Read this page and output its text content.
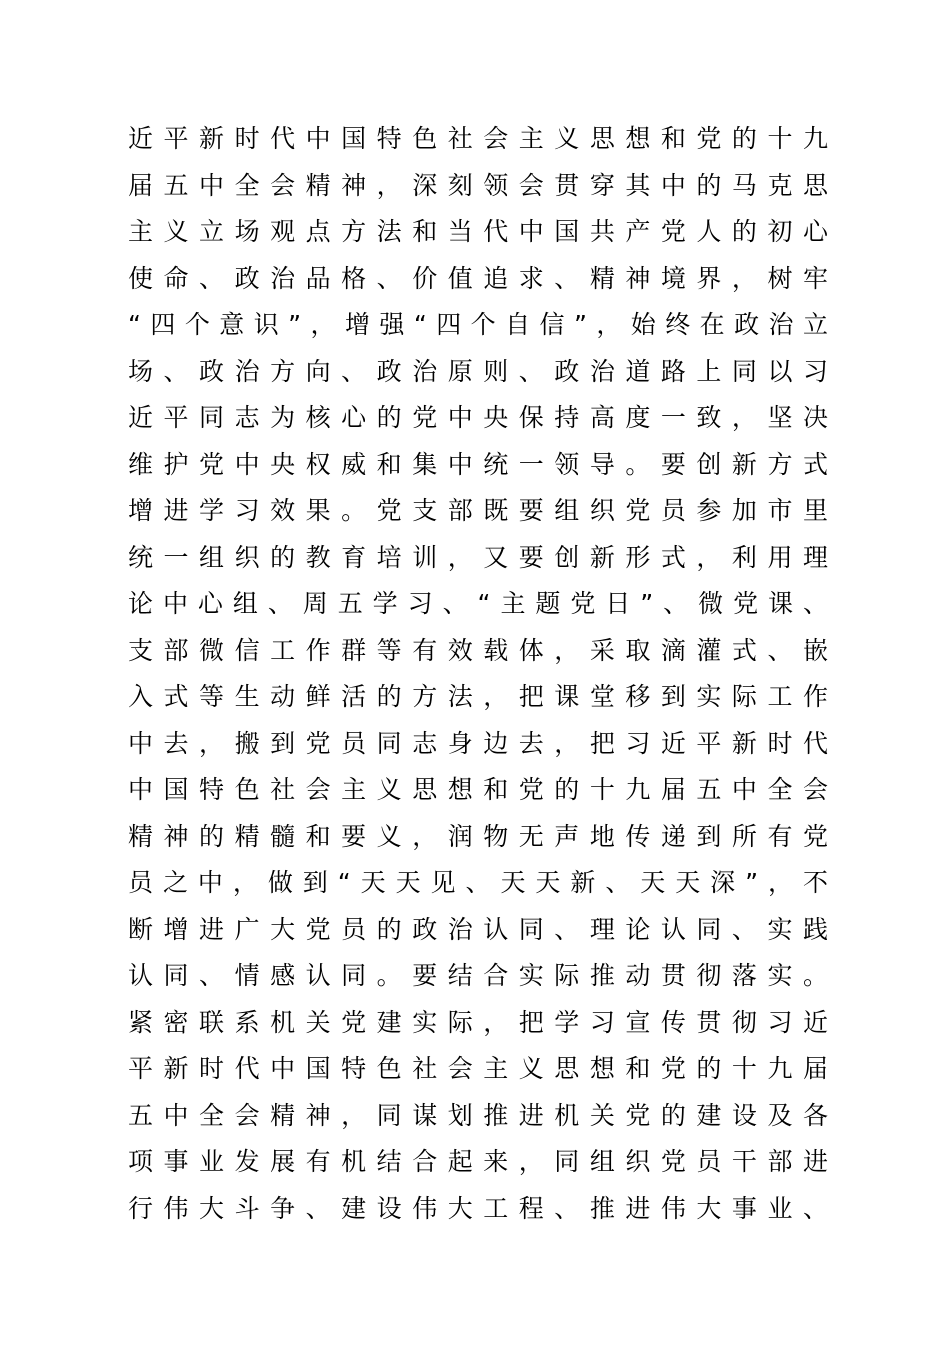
近平新时代中国特色社会主义思想和党的十九
届五中全会精神，深刻领会贯穿其中的马克思
主义立场观点方法和当代中国共产党人的初心
使命、政治品格、价值追求、精神境界，树牢
“四个意识”，增强“四个自信”，始终在政治立
场、政治方向、政治原则、政治道路上同以习
近平同志为核心的党中央保持高度一致，坚决
维护党中央权威和集中统一领导。要创新方式
增进学习效果。党支部既要组织党员参加市里
统一组织的教育培训，又要创新形式，利用理
论中心组、周五学习、“主题党日”、微党课、
支部微信工作群等有效载体，采取滴灌式、嵌
入式等生动鲜活的方法，把课堂移到实际工作
中去，搬到党员同志身边去，把习近平新时代
中国特色社会主义思想和党的十九届五中全会
精神的精髓和要义，润物无声地传递到所有党
员之中，做到“天天见、天天新、天天深”，不
断增进广大党员的政治认同、理论认同、实践
认同、情感认同。要结合实际推动贯彻落实。
紧密联系机关党建实际，把学习宣传贯彻习近
平新时代中国特色社会主义思想和党的十九届
五中全会精神，同谋划推进机关党的建设及各
项事业发展有机结合起来，同组织党员干部进
行伟大斗争、建设伟大工程、推进伟大事业、
